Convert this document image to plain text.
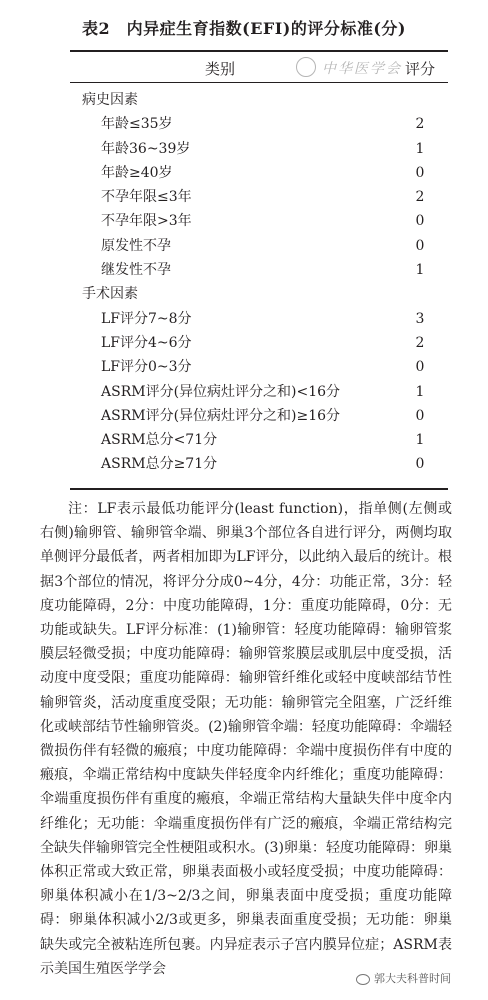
表2　内异症生育指数(EFI)的评分标准(分)
类别	中华医学会 评分
病史因素
年龄≤35岁	2
年龄36~39岁	1
年龄≥40岁	0
不孕年限≤3年	2
不孕年限>3年	0
原发性不孕	0
继发性不孕	1
手术因素
LF评分7~8分	3
LF评分4~6分	2
LF评分0~3分	0
ASRM评分(异位病灶评分之和)<16分	1
ASRM评分(异位病灶评分之和)≥16分	0
ASRM总分<71分	1
ASRM总分≥71分	0
注：LF表示最低功能评分(least function)，指单侧(左侧或右侧)输卵管、输卵管伞端、卵巢3个部位各自进行评分，两侧均取单侧评分最低者，两者相加即为LF评分，以此纳入最后的统计。根据3个部位的情况，将评分分成0~4分，4分：功能正常，3分：轻度功能障碍，2分：中度功能障碍，1分：重度功能障碍，0分：无功能或缺失。LF评分标准：(1)输卵管：轻度功能障碍：输卵管浆膜层轻微受损；中度功能障碍：输卵管浆膜层或肌层中度受损，活动度中度受限；重度功能障碍：输卵管纤维化或轻中度峡部结节性输卵管炎，活动度重度受限；无功能：输卵管完全阻塞，广泛纤维化或峡部结节性输卵管炎。(2)输卵管伞端：轻度功能障碍：伞端轻微损伤伴有轻微的瘢痕；中度功能障碍：伞端中度损伤伴有中度的瘢痕，伞端正常结构中度缺失伴轻度伞内纤维化；重度功能障碍：伞端重度损伤伴有重度的瘢痕，伞端正常结构大量缺失伴中度伞内纤维化；无功能：伞端重度损伤伴有广泛的瘢痕，伞端正常结构完全缺失伴输卵管完全性梗阻或积水。(3)卵巢：轻度功能障碍：卵巢体积正常或大致正常，卵巢表面极小或轻度受损；中度功能障碍：卵巢体积减小在1/3~2/3之间，卵巢表面中度受损；重度功能障碍：卵巢体积减小2/3或更多，卵巢表面重度受损；无功能：卵巢缺失或完全被粘连所包裹。内异症表示子宫内膜异位症；ASRM表示美国生殖医学学会
郭大夫科普时间
